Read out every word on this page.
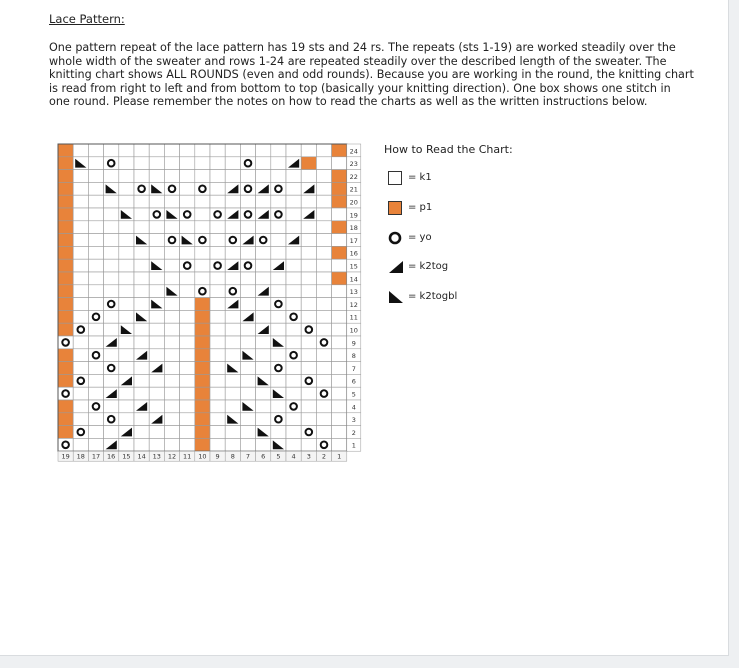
Lace Pattern:

One pattern repeat of the lace pattern has 19 sts and 24 rs. The repeats (sts 1-19) are worked steadily over the whole width of the sweater and rows 1-24 are repeated steadily over the described length of the sweater. The knitting chart shows ALL ROUNDS (even and odd rounds). Because you are working in the round, the knitting chart is read from right to left and from bottom to top (basically your knitting direction). One box shows one stitch in one round. Please remember the notes on how to read the charts as well as the written instructions below.

24
23
22
21
20
19
18
17
16
15
14
13
12
11
10
9
8
7
6
5
4
3
2
1
19 18 17 16 15 14 13 12 11 10 9 8 7 6 5 4 3 2 1
How to Read the Chart:
= k1
= p1
= yo
= k2tog
= k2togbl
